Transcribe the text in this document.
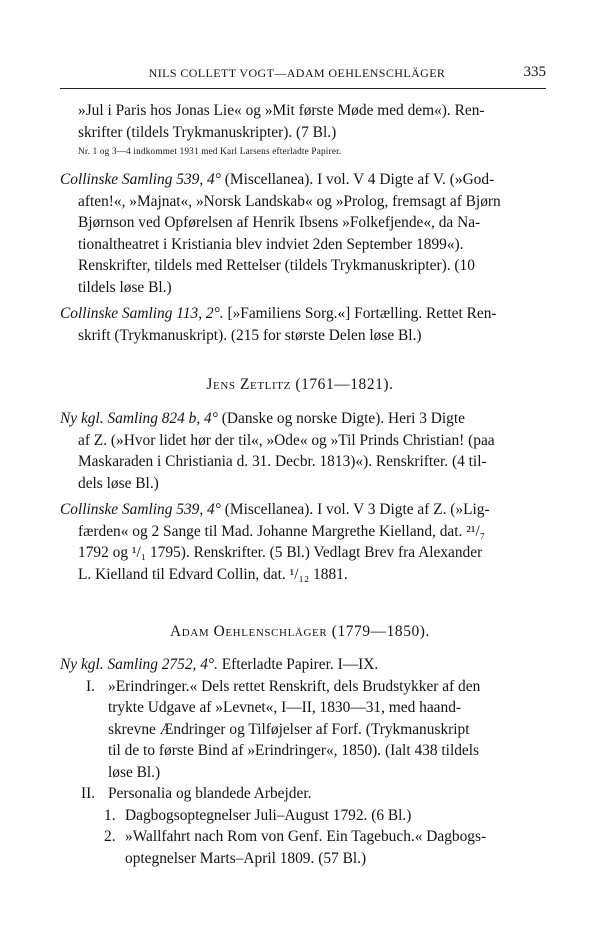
NILS COLLETT VOGT—ADAM OEHLENSCHLÄGER	335
»Jul i Paris hos Jonas Lie« og »Mit første Møde med dem«). Ren-
skrifter (tildels Trykmanuskripter). (7 Bl.)
Nr. 1 og 3—4 indkommet 1931 med Karl Larsens efterladte Papirer.
Collinske Samling 539, 4° (Miscellanea). I vol. V 4 Digte af V. (»God-
aften!«, »Majnat«, »Norsk Landskab« og »Prolog, fremsagt af Bjørn
Bjørnson ved Opførelsen af Henrik Ibsens »Folkefjende«, da Na-
tionaltheatret i Kristiania blev indviet 2den September 1899«).
Renskrifter, tildels med Rettelser (tildels Trykmanuskripter). (10
tildels løse Bl.)
Collinske Samling 113, 2°. [»Familiens Sorg.«] Fortælling. Rettet Ren-
skrift (Trykmanuskript). (215 for største Delen løse Bl.)
Jens Zetlitz (1761—1821).
Ny kgl. Samling 824 b, 4° (Danske og norske Digte). Heri 3 Digte
af Z. (»Hvor lidet hør der til«, »Ode« og »Til Prinds Christian! (paa
Maskaraden i Christiania d. 31. Decbr. 1813)«). Renskrifter. (4 til-
dels løse Bl.)
Collinske Samling 539, 4° (Miscellanea). I vol. V 3 Digte af Z. (»Lig-
færden« og 2 Sange til Mad. Johanne Margrethe Kielland, dat. ²¹/₇
1792 og ¹/₁ 1795). Renskrifter. (5 Bl.) Vedlagt Brev fra Alexander
L. Kielland til Edvard Collin, dat. ¹/₁₂ 1881.
Adam Oehlenschläger (1779—1850).
Ny kgl. Samling 2752, 4°. Efterladte Papirer. I—IX.
I. »Erindringer.« Dels rettet Renskrift, dels Brudstykker af den
trykte Udgave af »Levnet«, I—II, 1830—31, med haand-
skrevne Ændringer og Tilføjelser af Forf. (Trykmanuskript
til de to første Bind af »Erindringer«, 1850). (Ialt 438 tildels
løse Bl.)
II. Personalia og blandede Arbejder.
1. Dagbogsoptegnelser Juli–August 1792. (6 Bl.)
2. »Wallfahrt nach Rom von Genf. Ein Tagebuch.« Dagbogs-
optegnelser Marts–April 1809. (57 Bl.)
